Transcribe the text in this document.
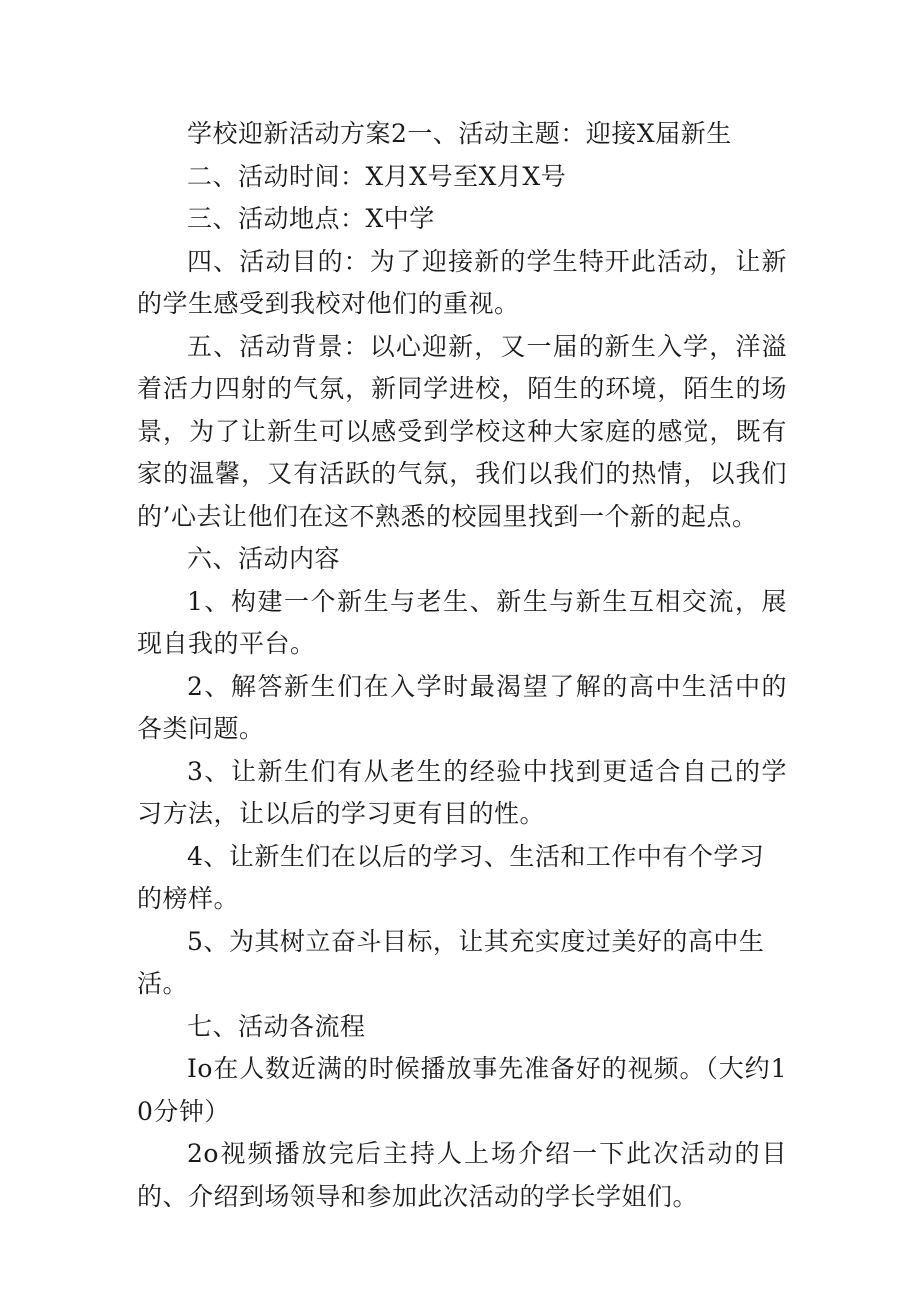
学校迎新活动方案2一、活动主题：迎接X届新生

二、活动时间：X月X号至X月X号

三、活动地点：X中学

四、活动目的：为了迎接新的学生特开此活动，让新的学生感受到我校对他们的重视。

五、活动背景：以心迎新，又一届的新生入学，洋溢着活力四射的气氛，新同学进校，陌生的环境，陌生的场景，为了让新生可以感受到学校这种大家庭的感觉，既有家的温馨，又有活跃的气氛，我们以我们的热情，以我们的’心去让他们在这不熟悉的校园里找到一个新的起点。

六、活动内容

1、构建一个新生与老生、新生与新生互相交流，展现自我的平台。

2、解答新生们在入学时最渴望了解的高中生活中的各类问题。

3、让新生们有从老生的经验中找到更适合自己的学习方法，让以后的学习更有目的性。

4、让新生们在以后的学习、生活和工作中有个学习的榜样。

5、为其树立奋斗目标，让其充实度过美好的高中生活。

七、活动各流程

Io在人数近满的时候播放事先准备好的视频。（大约10分钟）

2o视频播放完后主持人上场介绍一下此次活动的目的、介绍到场领导和参加此次活动的学长学姐们。
